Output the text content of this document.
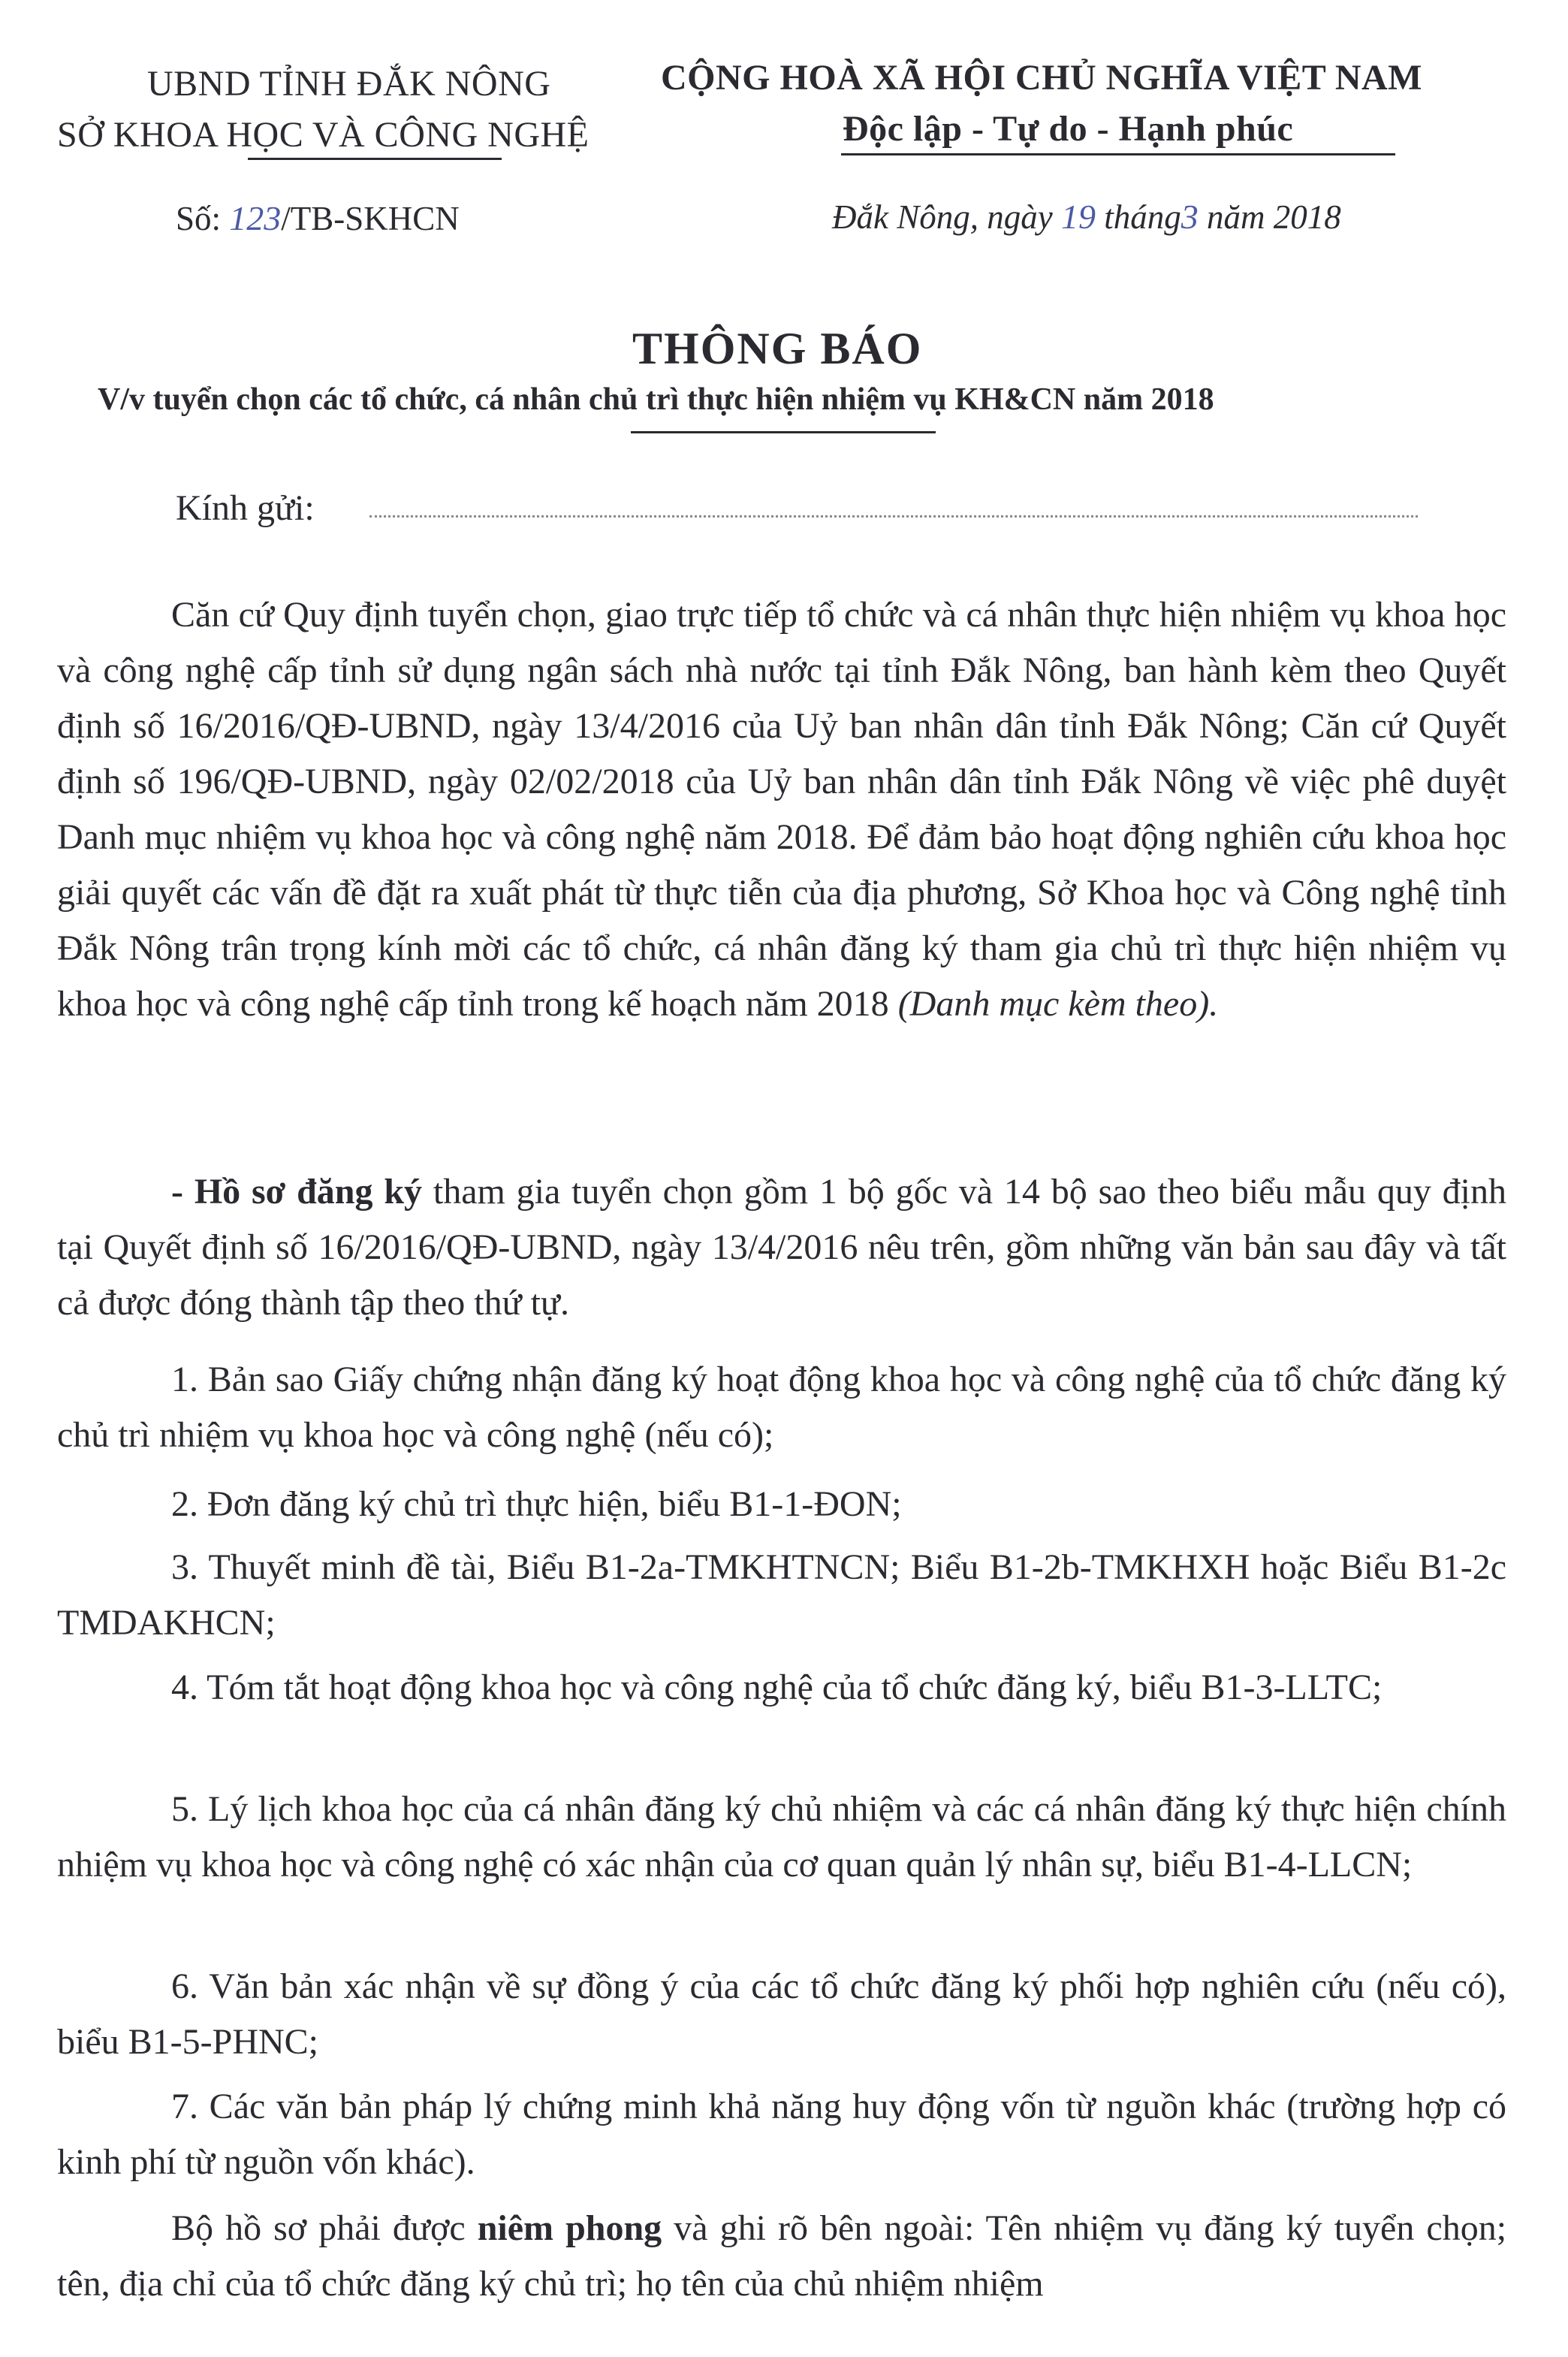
UBND TỈNH ĐẮK NÔNG
SỞ KHOA HỌC VÀ CÔNG NGHỆ
CỘNG HOÀ XÃ HỘI CHỦ NGHĨA VIỆT NAM
Độc lập - Tự do - Hạnh phúc
Số: 123/TB-SKHCN	Đắk Nông, ngày 19 tháng3 năm 2018
THÔNG BÁO
V/v tuyển chọn các tổ chức, cá nhân chủ trì thực hiện nhiệm vụ KH&CN năm 2018
Kính gửi:
Căn cứ Quy định tuyển chọn, giao trực tiếp tổ chức và cá nhân thực hiện nhiệm vụ khoa học và công nghệ cấp tỉnh sử dụng ngân sách nhà nước tại tỉnh Đắk Nông, ban hành kèm theo Quyết định số 16/2016/QĐ-UBND, ngày 13/4/2016 của Uỷ ban nhân dân tỉnh Đắk Nông; Căn cứ Quyết định số 196/QĐ-UBND, ngày 02/02/2018 của Uỷ ban nhân dân tỉnh Đắk Nông về việc phê duyệt Danh mục nhiệm vụ khoa học và công nghệ năm 2018. Để đảm bảo hoạt động nghiên cứu khoa học giải quyết các vấn đề đặt ra xuất phát từ thực tiễn của địa phương, Sở Khoa học và Công nghệ tỉnh Đắk Nông trân trọng kính mời các tổ chức, cá nhân đăng ký tham gia chủ trì thực hiện nhiệm vụ khoa học và công nghệ cấp tỉnh trong kế hoạch năm 2018 (Danh mục kèm theo).
- Hồ sơ đăng ký tham gia tuyển chọn gồm 1 bộ gốc và 14 bộ sao theo biểu mẫu quy định tại Quyết định số 16/2016/QĐ-UBND, ngày 13/4/2016 nêu trên, gồm những văn bản sau đây và tất cả được đóng thành tập theo thứ tự.
1. Bản sao Giấy chứng nhận đăng ký hoạt động khoa học và công nghệ của tổ chức đăng ký chủ trì nhiệm vụ khoa học và công nghệ (nếu có);
2. Đơn đăng ký chủ trì thực hiện, biểu B1-1-ĐON;
3. Thuyết minh đề tài, Biểu B1-2a-TMKHTNCN; Biểu B1-2b-TMKHXH hoặc Biểu B1-2c TMDAKHCN;
4. Tóm tắt hoạt động khoa học và công nghệ của tổ chức đăng ký, biểu B1-3-LLTC;
5. Lý lịch khoa học của cá nhân đăng ký chủ nhiệm và các cá nhân đăng ký thực hiện chính nhiệm vụ khoa học và công nghệ có xác nhận của cơ quan quản lý nhân sự, biểu B1-4-LLCN;
6. Văn bản xác nhận về sự đồng ý của các tổ chức đăng ký phối hợp nghiên cứu (nếu có), biểu B1-5-PHNC;
7. Các văn bản pháp lý chứng minh khả năng huy động vốn từ nguồn khác (trường hợp có kinh phí từ nguồn vốn khác).
Bộ hồ sơ phải được niêm phong và ghi rõ bên ngoài: Tên nhiệm vụ đăng ký tuyển chọn; tên, địa chỉ của tổ chức đăng ký chủ trì; họ tên của chủ nhiệm nhiệm
